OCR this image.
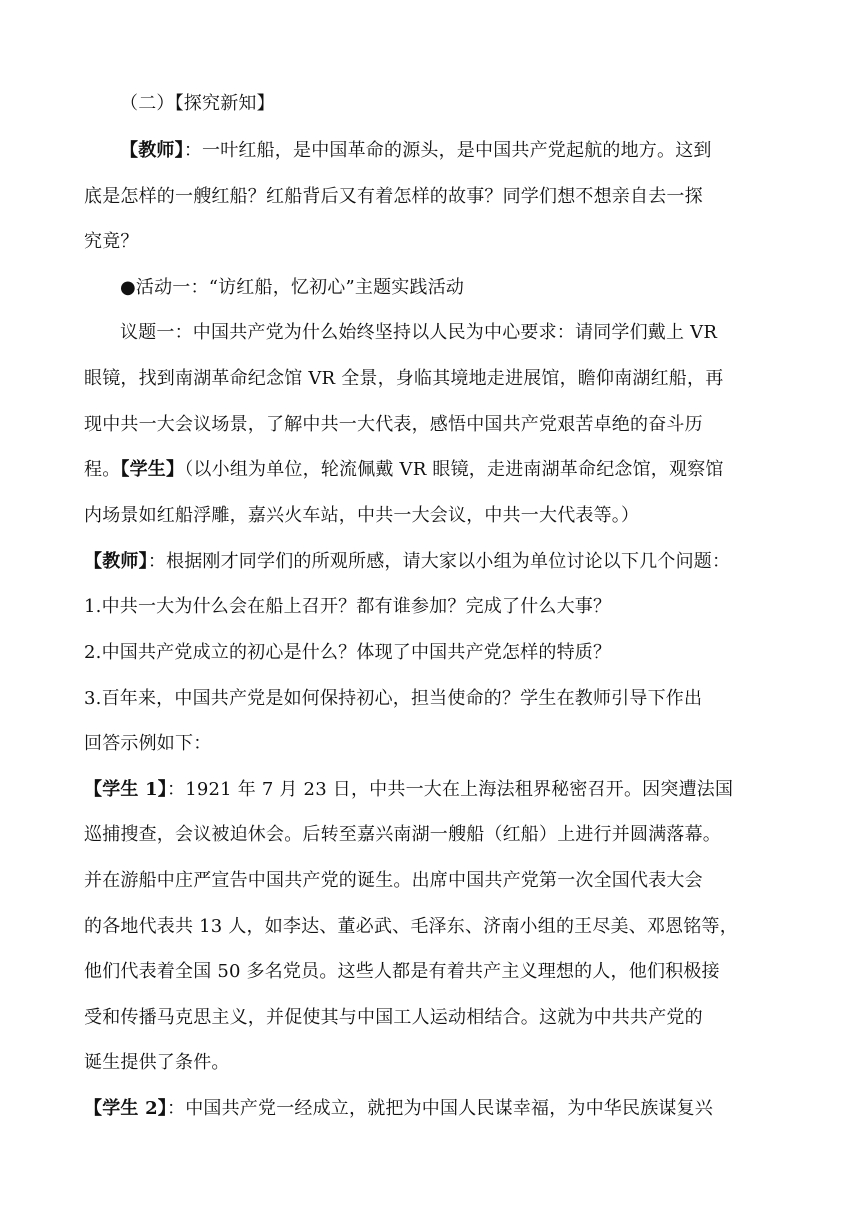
（二）【探究新知】
【教师】：一叶红船，是中国革命的源头，是中国共产党起航的地方。这到
底是怎样的一艘红船？红船背后又有着怎样的故事？同学们想不想亲自去一探
究竟？
●活动一：“访红船，忆初心”主题实践活动
议题一：中国共产党为什么始终坚持以人民为中心要求：请同学们戴上 VR
眼镜，找到南湖革命纪念馆 VR 全景，身临其境地走进展馆，瞻仰南湖红船，再
现中共一大会议场景，了解中共一大代表，感悟中国共产党艰苦卓绝的奋斗历
程。【学生】（以小组为单位，轮流佩戴 VR 眼镜，走进南湖革命纪念馆，观察馆
内场景如红船浮雕，嘉兴火车站，中共一大会议，中共一大代表等。）
【教师】：根据刚才同学们的所观所感，请大家以小组为单位讨论以下几个问题：
1.中共一大为什么会在船上召开？都有谁参加？完成了什么大事？
2.中国共产党成立的初心是什么？体现了中国共产党怎样的特质？
3.百年来，中国共产党是如何保持初心，担当使命的？学生在教师引导下作出
回答示例如下：
【学生 1】：1921 年 7 月 23 日，中共一大在上海法租界秘密召开。因突遭法国
巡捕搜查，会议被迫休会。后转至嘉兴南湖一艘船（红船）上进行并圆满落幕。
并在游船中庄严宣告中国共产党的诞生。出席中国共产党第一次全国代表大会
的各地代表共 13 人，如李达、董必武、毛泽东、济南小组的王尽美、邓恩铭等，
他们代表着全国 50 多名党员。这些人都是有着共产主义理想的人，他们积极接
受和传播马克思主义，并促使其与中国工人运动相结合。这就为中共共产党的
诞生提供了条件。
【学生 2】：中国共产党一经成立，就把为中国人民谋幸福，为中华民族谋复兴
